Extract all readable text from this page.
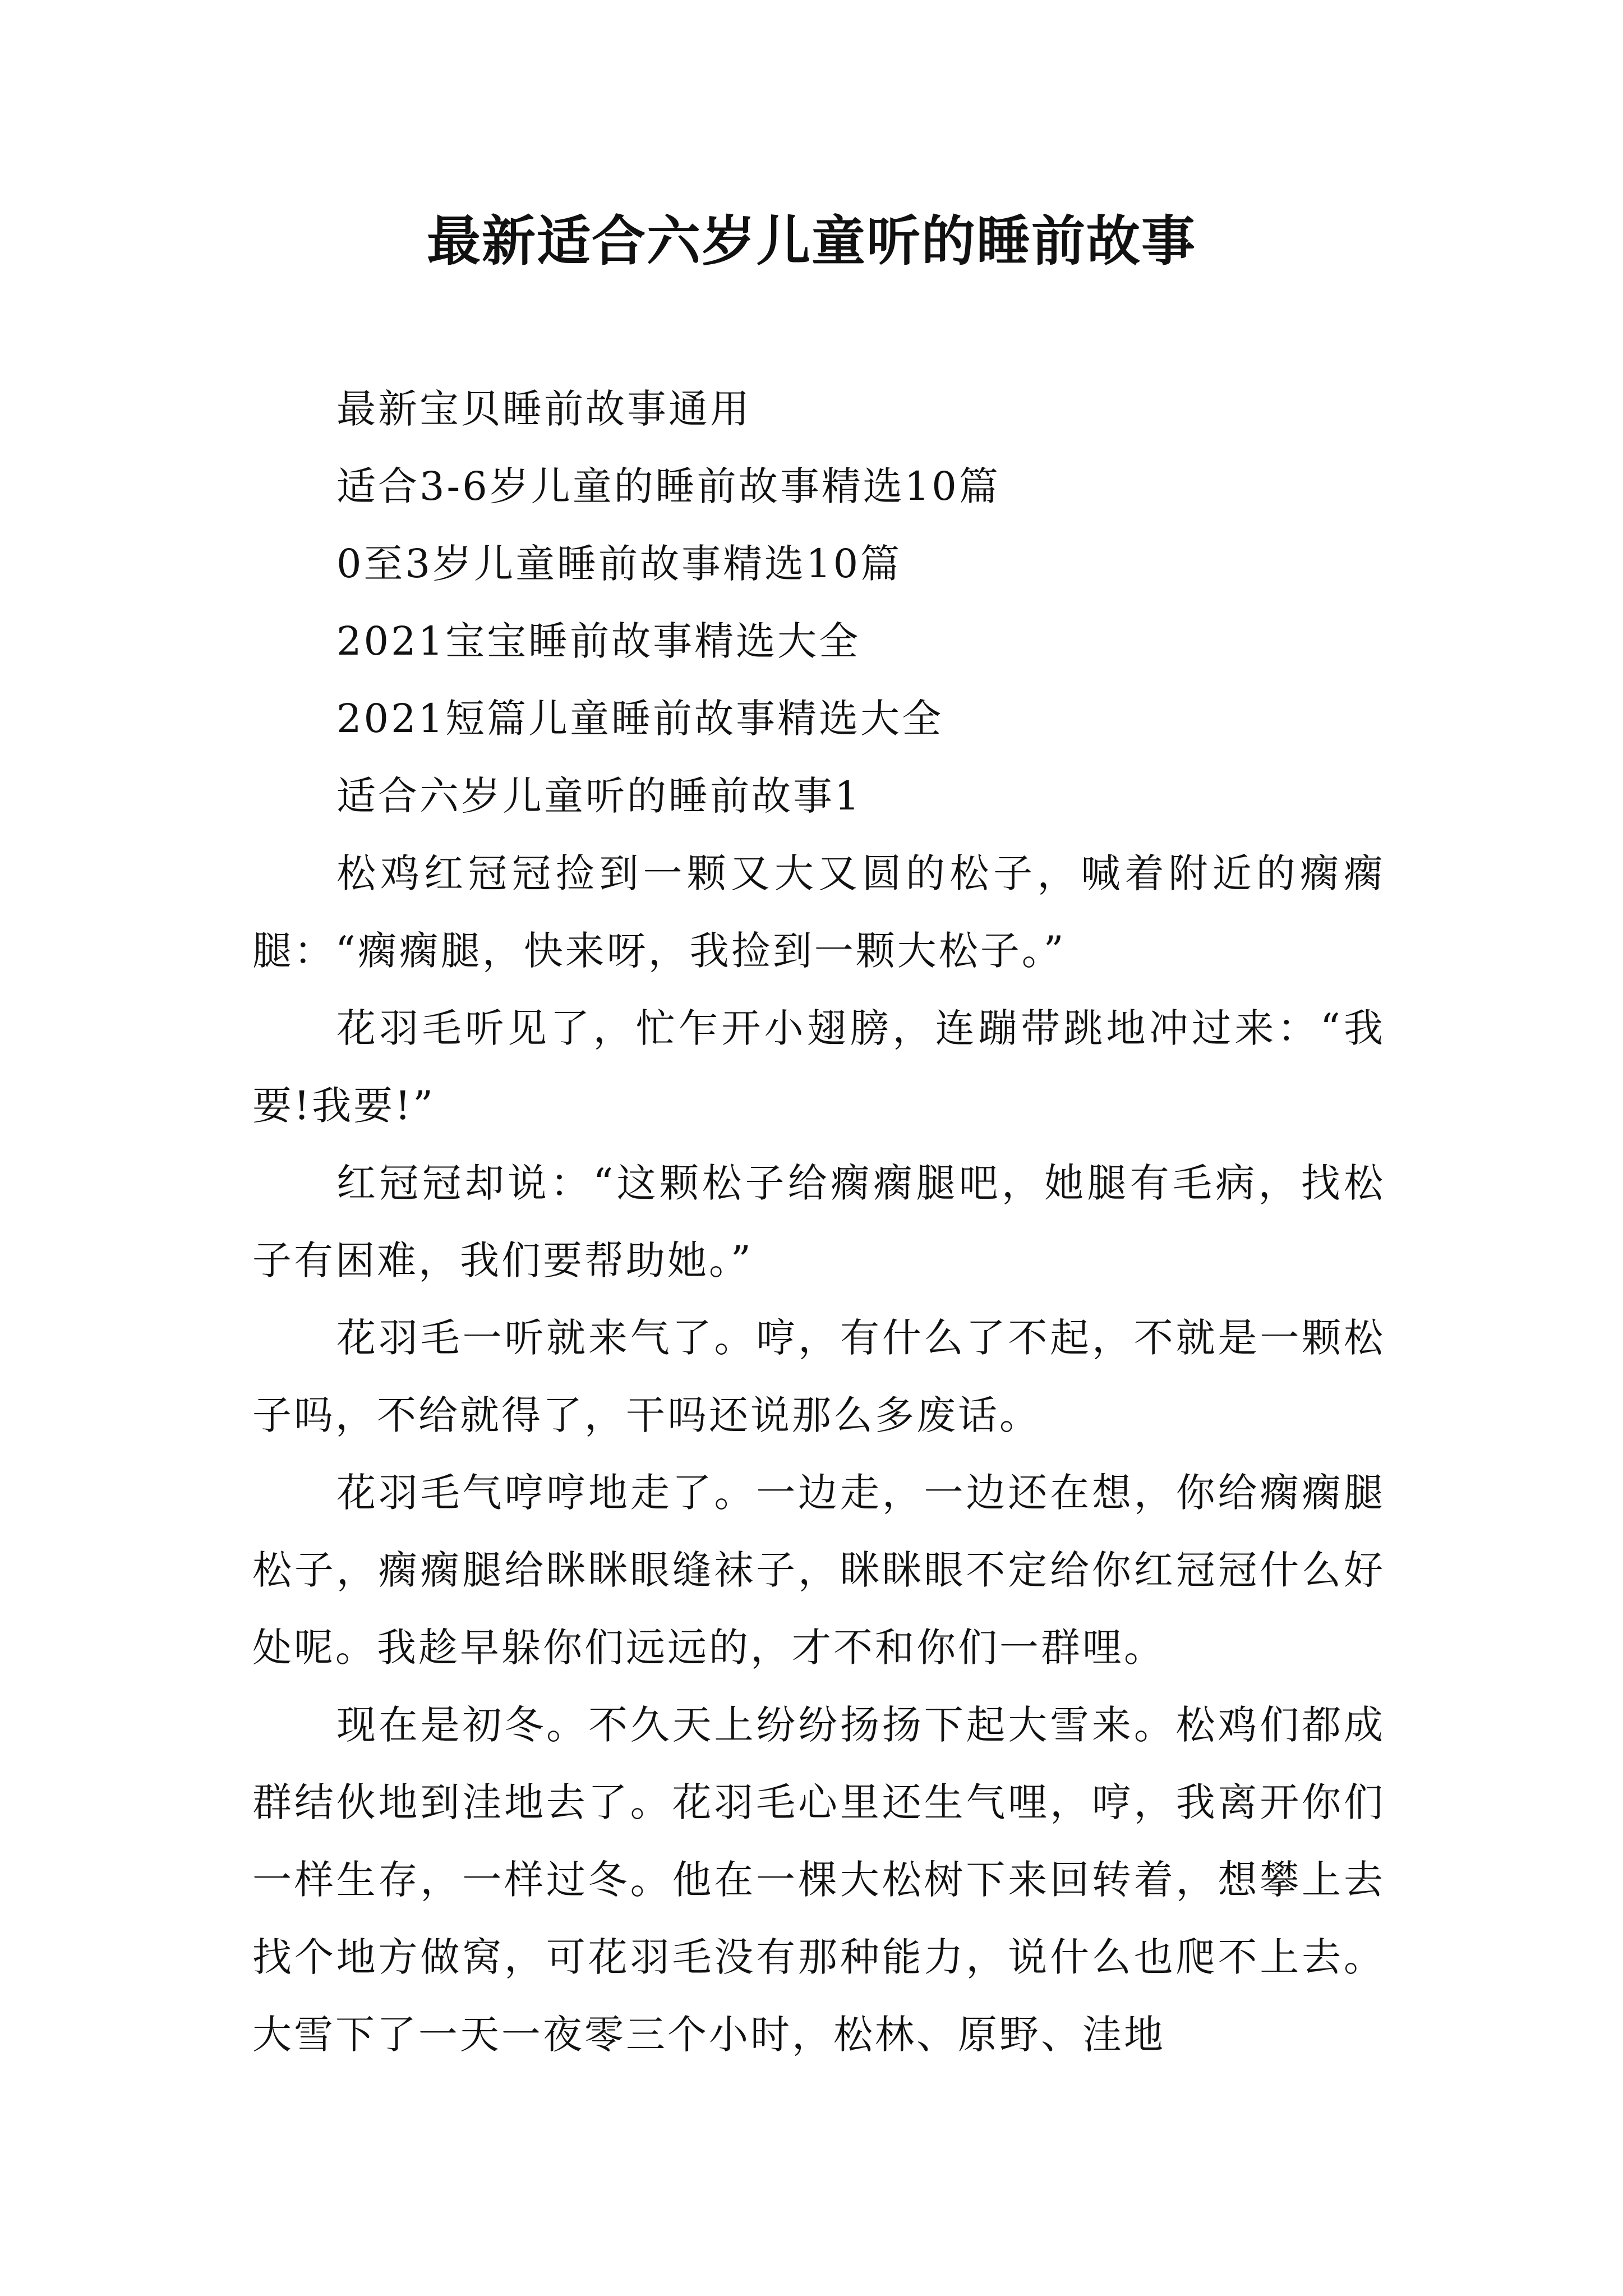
最新适合六岁儿童听的睡前故事
最新宝贝睡前故事通用
适合3-6岁儿童的睡前故事精选10篇
0至3岁儿童睡前故事精选10篇
2021宝宝睡前故事精选大全
2021短篇儿童睡前故事精选大全
适合六岁儿童听的睡前故事1

松鸡红冠冠捡到一颗又大又圆的松子，喊着附近的瘸瘸腿：“瘸瘸腿，快来呀，我捡到一颗大松子。”

花羽毛听见了，忙乍开小翅膀，连蹦带跳地冲过来：“我要!我要!”

红冠冠却说：“这颗松子给瘸瘸腿吧，她腿有毛病，找松子有困难，我们要帮助她。”

花羽毛一听就来气了。哼，有什么了不起，不就是一颗松子吗，不给就得了，干吗还说那么多废话。

花羽毛气哼哼地走了。一边走，一边还在想，你给瘸瘸腿松子，瘸瘸腿给眯眯眼缝袜子，眯眯眼不定给你红冠冠什么好处呢。我趁早躲你们远远的，才不和你们一群哩。

现在是初冬。不久天上纷纷扬扬下起大雪来。松鸡们都成群结伙地到洼地去了。花羽毛心里还生气哩，哼，我离开你们一样生存，一样过冬。他在一棵大松树下来回转着，想攀上去找个地方做窝，可花羽毛没有那种能力，说什么也爬不上去。大雪下了一天一夜零三个小时，松林、原野、洼地
